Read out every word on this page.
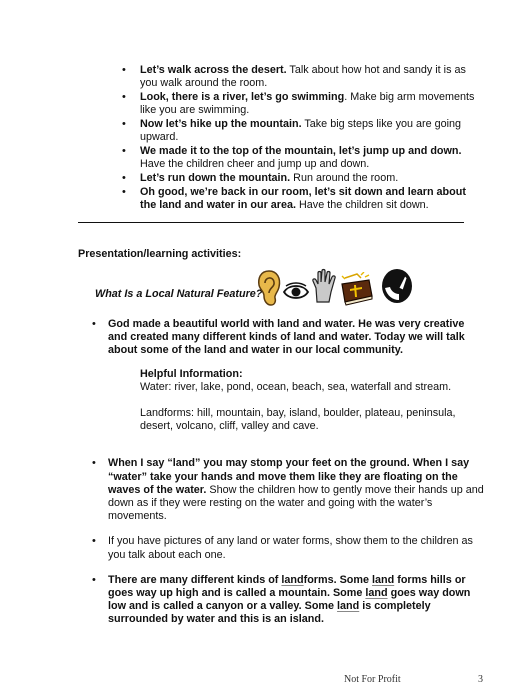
• Let’s walk across the desert. Talk about how hot and sandy it is as you walk around the room.
• Look, there is a river, let’s go swimming. Make big arm movements like you are swimming.
• Now let’s hike up the mountain. Take big steps like you are going upward.
• We made it to the top of the mountain, let’s jump up and down. Have the children cheer and jump up and down.
• Let’s run down the mountain. Run around the room.
• Oh good, we’re back in our room, let’s sit down and learn about the land and water in our area. Have the children sit down.
Presentation/learning activities:
What Is a Local Natural Feature?
• God made a beautiful world with land and water. He was very creative and created many different kinds of land and water. Today we will talk about some of the land and water in our local community.
Helpful Information:
Water: river, lake, pond, ocean, beach, sea, waterfall and stream.
Landforms: hill, mountain, bay, island, boulder, plateau, peninsula, desert, volcano, cliff, valley and cave.
• When I say “land” you may stomp your feet on the ground. When I say “water” take your hands and move them like they are floating on the waves of the water. Show the children how to gently move their hands up and down as if they were resting on the water and going with the water’s movements.
• If you have pictures of any land or water forms, show them to the children as you talk about each one.
• There are many different kinds of landforms. Some land forms hills or goes way up high and is called a mountain. Some land goes way down low and is called a canyon or a valley. Some land is completely surrounded by water and this is an island.
Not For Profit	3
